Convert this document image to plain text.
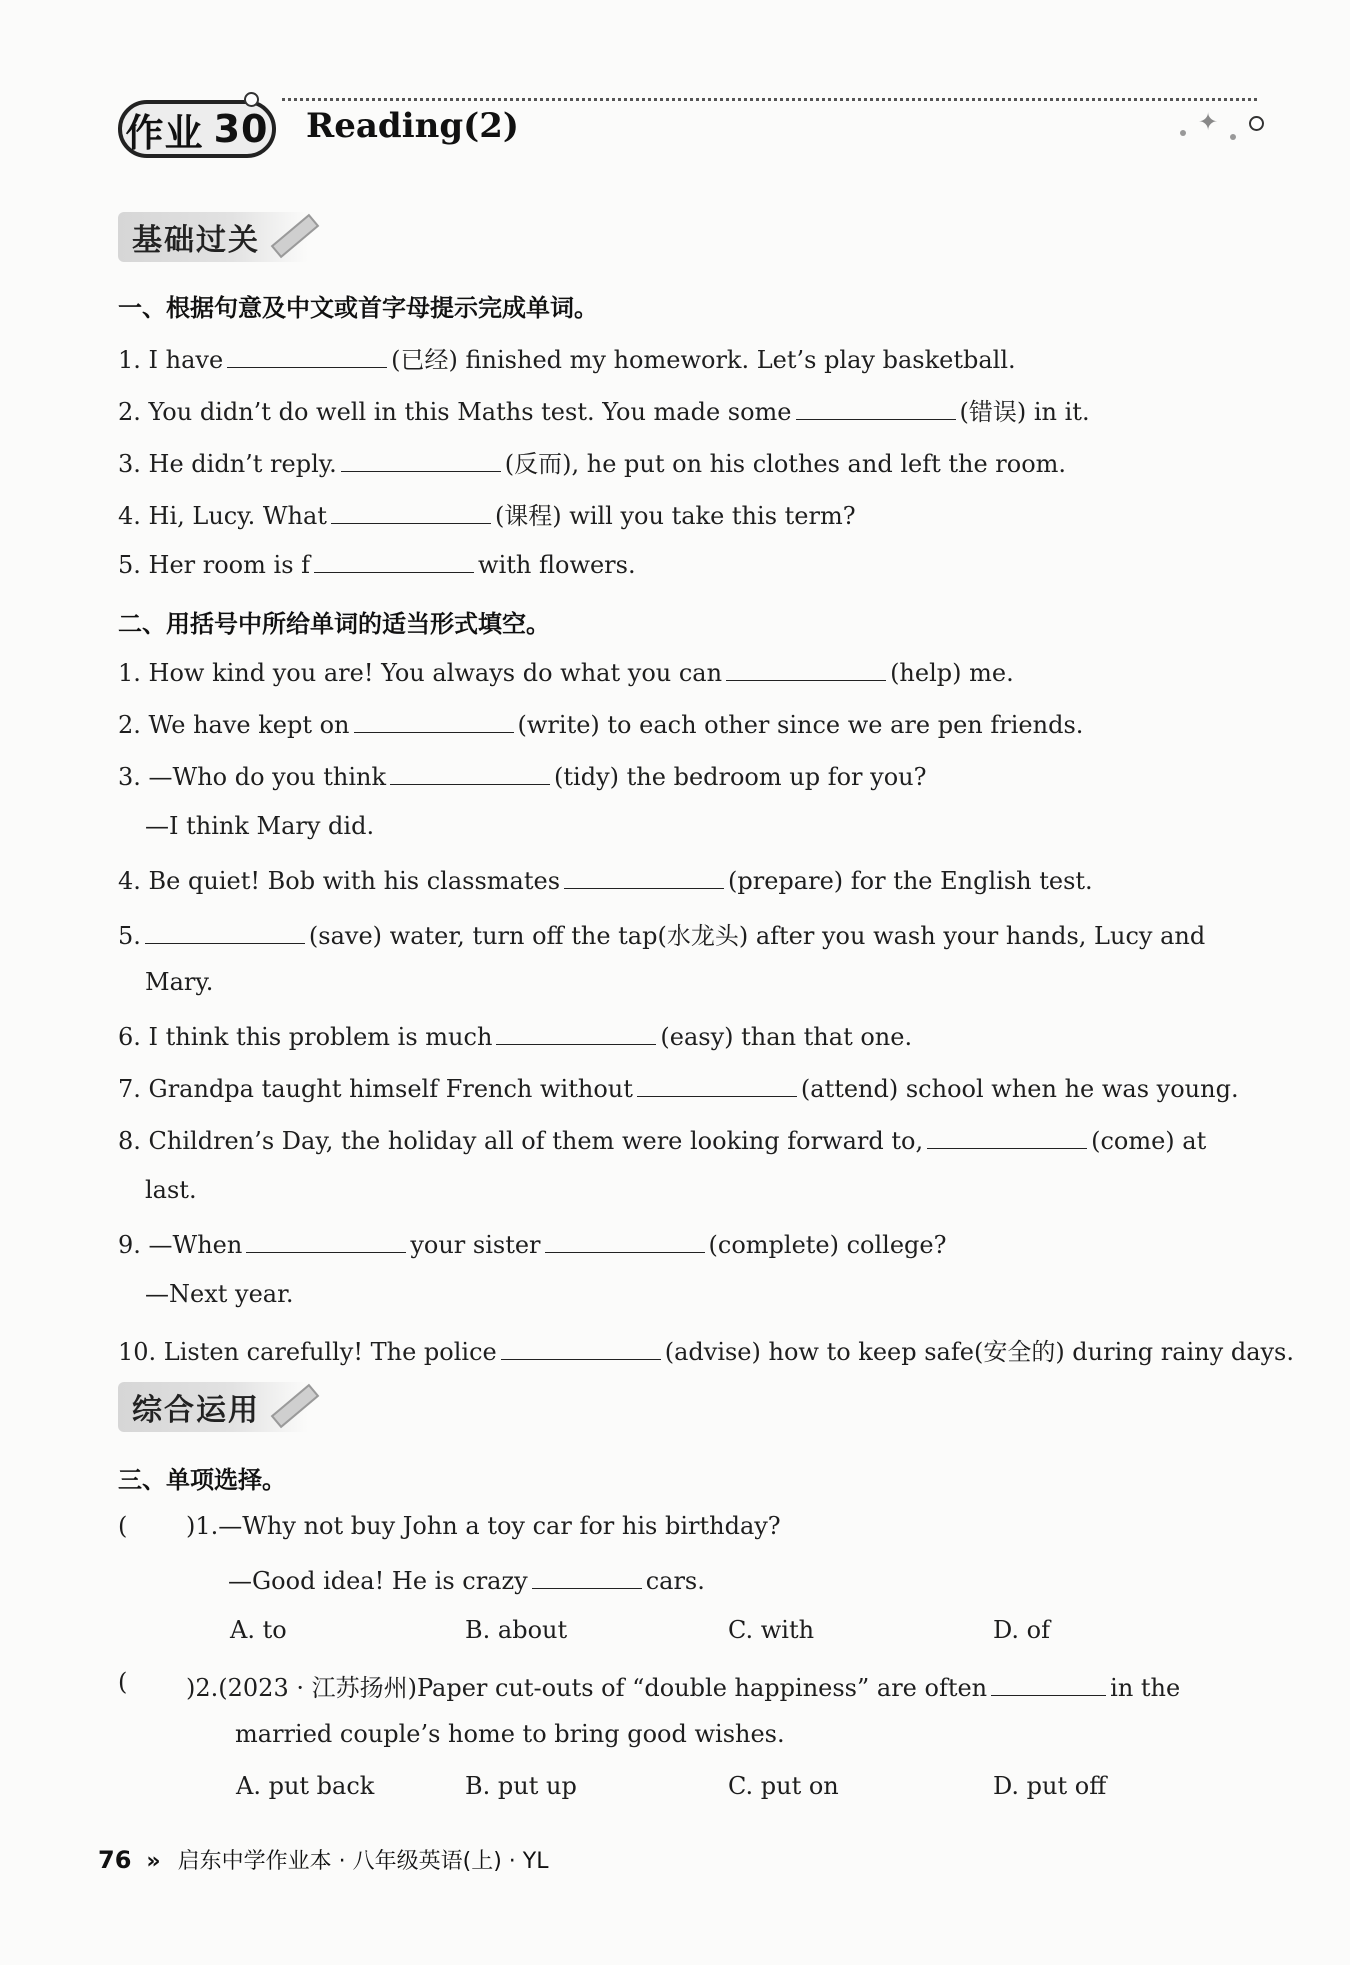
作业 30 Reading(2)	✦
基础过关
一、根据句意及中文或首字母提示完成单词。
1. I have	(已经) finished my homework. Let’s play basketball.
2. You didn’t do well in this Maths test. You made some	(错误) in it.
3. He didn’t reply.	(反而), he put on his clothes and left the room.
4. Hi, Lucy. What	(课程) will you take this term?
5. Her room is f	with flowers.
二、用括号中所给单词的适当形式填空。
1. How kind you are! You always do what you can	(help) me.
2. We have kept on	(write) to each other since we are pen friends.
3. —Who do you think	(tidy) the bedroom up for you?
—I think Mary did.
4. Be quiet! Bob with his classmates	(prepare) for the English test.
5.	(save) water, turn off the tap(水龙头) after you wash your hands, Lucy and
Mary.
6. I think this problem is much	(easy) than that one.
7. Grandpa taught himself French without	(attend) school when he was young.
8. Children’s Day, the holiday all of them were looking forward to,	(come) at
last.
9. —When	your sister	(complete) college?
—Next year.
10. Listen carefully! The police	(advise) how to keep safe(安全的) during rainy days.
综合运用
三、单项选择。
( )1.—Why not buy John a toy car for his birthday?
—Good idea! He is crazy	cars.
A. to	B. about	C. with	D. of
( )2.(2023 · 江苏扬州)Paper cut-outs of “double happiness” are often	in the
married couple’s home to bring good wishes.
A. put back	B. put up	C. put on	D. put off
76 » 启东中学作业本 · 八年级英语(上) · YL
